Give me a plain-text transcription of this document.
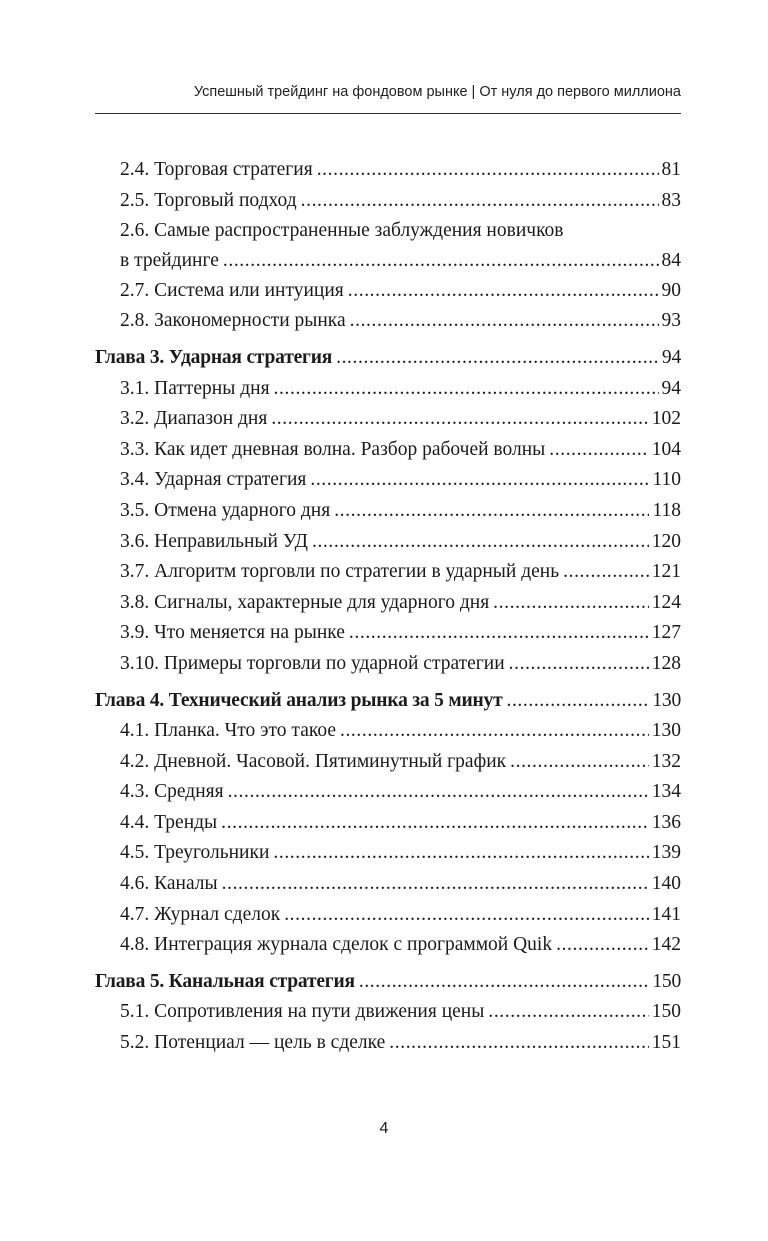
Успешный трейдинг на фондовом рынке | От нуля до первого миллиона
2.4. Торговая стратегия .....	81
2.5. Торговый подход .....	83
2.6. Самые распространенные заблуждения новичков
в трейдинге .....	84
2.7. Система или интуиция .....	90
2.8. Закономерности рынка .....	93
Глава 3. Ударная стратегия .....	94
3.1. Паттерны дня .....	94
3.2. Диапазон дня .....	102
3.3. Как идет дневная волна. Разбор рабочей волны .....	104
3.4. Ударная стратегия .....	110
3.5. Отмена ударного дня .....	118
3.6. Неправильный УД .....	120
3.7. Алгоритм торговли по стратегии в ударный день .....	121
3.8. Сигналы, характерные для ударного дня .....	124
3.9. Что меняется на рынке .....	127
3.10. Примеры торговли по ударной стратегии .....	128
Глава 4. Технический анализ рынка за 5 минут .....	130
4.1. Планка. Что это такое .....	130
4.2. Дневной. Часовой. Пятиминутный график .....	132
4.3. Средняя .....	134
4.4. Тренды .....	136
4.5. Треугольники .....	139
4.6. Каналы .....	140
4.7. Журнал сделок .....	141
4.8. Интеграция журнала сделок с программой Quik .....	142
Глава 5. Канальная стратегия .....	150
5.1. Сопротивления на пути движения цены .....	150
5.2. Потенциал — цель в сделке .....	151
4
